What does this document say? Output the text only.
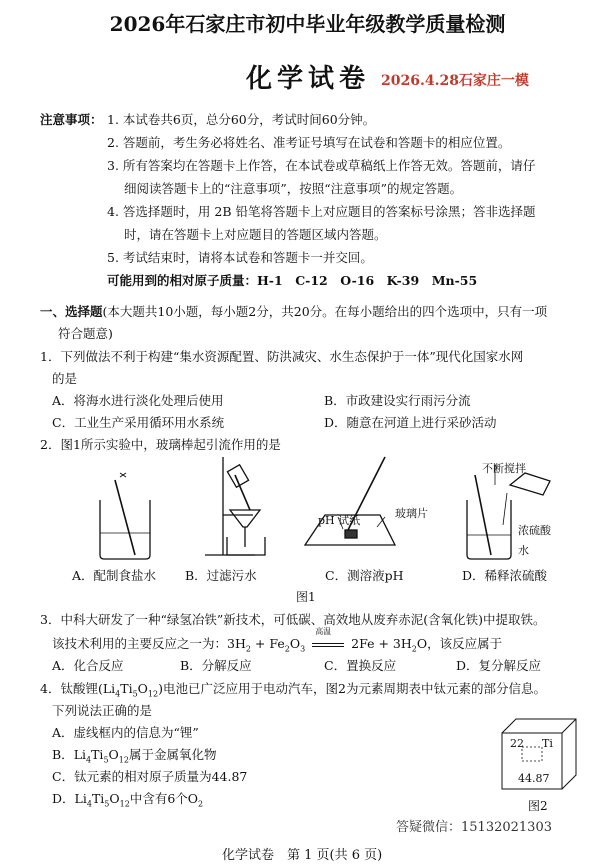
2026年石家庄市初中毕业年级教学质量检测
化学试卷 2026.4.28石家庄一模
注意事项： 1. 本试卷共6页，总分60分，考试时间60分钟。
2. 答题前，考生务必将姓名、准考证号填写在试卷和答题卡的相应位置。
3. 所有答案均在答题卡上作答，在本试卷或草稿纸上作答无效。答题前，请仔
细阅读答题卡上的“注意事项”，按照“注意事项”的规定答题。
4. 答选择题时，用 2B 铅笔将答题卡上对应题目的答案标号涂黑；答非选择题
时，请在答题卡上对应题目的答题区域内答题。
5. 考试结束时，请将本试卷和答题卡一并交回。
可能用到的相对原子质量：H-1　C-12　O-16　K-39　Mn-55
一、选择题(本大题共10小题，每小题2分，共20分。在每小题给出的四个选项中，只有一项
符合题意)
1．下列做法不利于构建“集水资源配置、防洪减灾、水生态保护于一体”现代化国家水网
的是
A．将海水进行淡化处理后使用	B．市政建设实行雨污分流
C．工业生产采用循环用水系统	D．随意在河道上进行采砂活动
2．图1所示实验中，玻璃棒起引流作用的是
pH 试纸
玻璃片
不断搅拌
浓硫酸
水
A．配制食盐水 B．过滤污水	C．测溶液pH	D．稀释浓硫酸
图1
3．中科大研发了一种“绿氢冶铁”新技术，可低碳、高效地从废弃赤泥(含氧化铁)中提取铁。
该技术利用的主要反应之一为：$3H_2 + Fe_2O_3$
高温
$2Fe + 3H_2O$，该反应属于
A．化合反应	B．分解反应	C．置换反应	D．复分解反应
4．钛酸锂$(Li_4Ti_5O_{12})$电池已广泛应用于电动汽车，图2为元素周期表中钛元素的部分信息。
下列说法正确的是
A．虚线框内的信息为“锂”
B．$Li_4Ti_5O_{12}$属于金属氧化物
C．钛元素的相对原子质量为44.87
D．$Li_4Ti_5O_{12}$中含有6个$O_2$
22 Ti
44.87
图2
答疑微信：15132021303
化学试卷　第 1 页(共 6 页)
